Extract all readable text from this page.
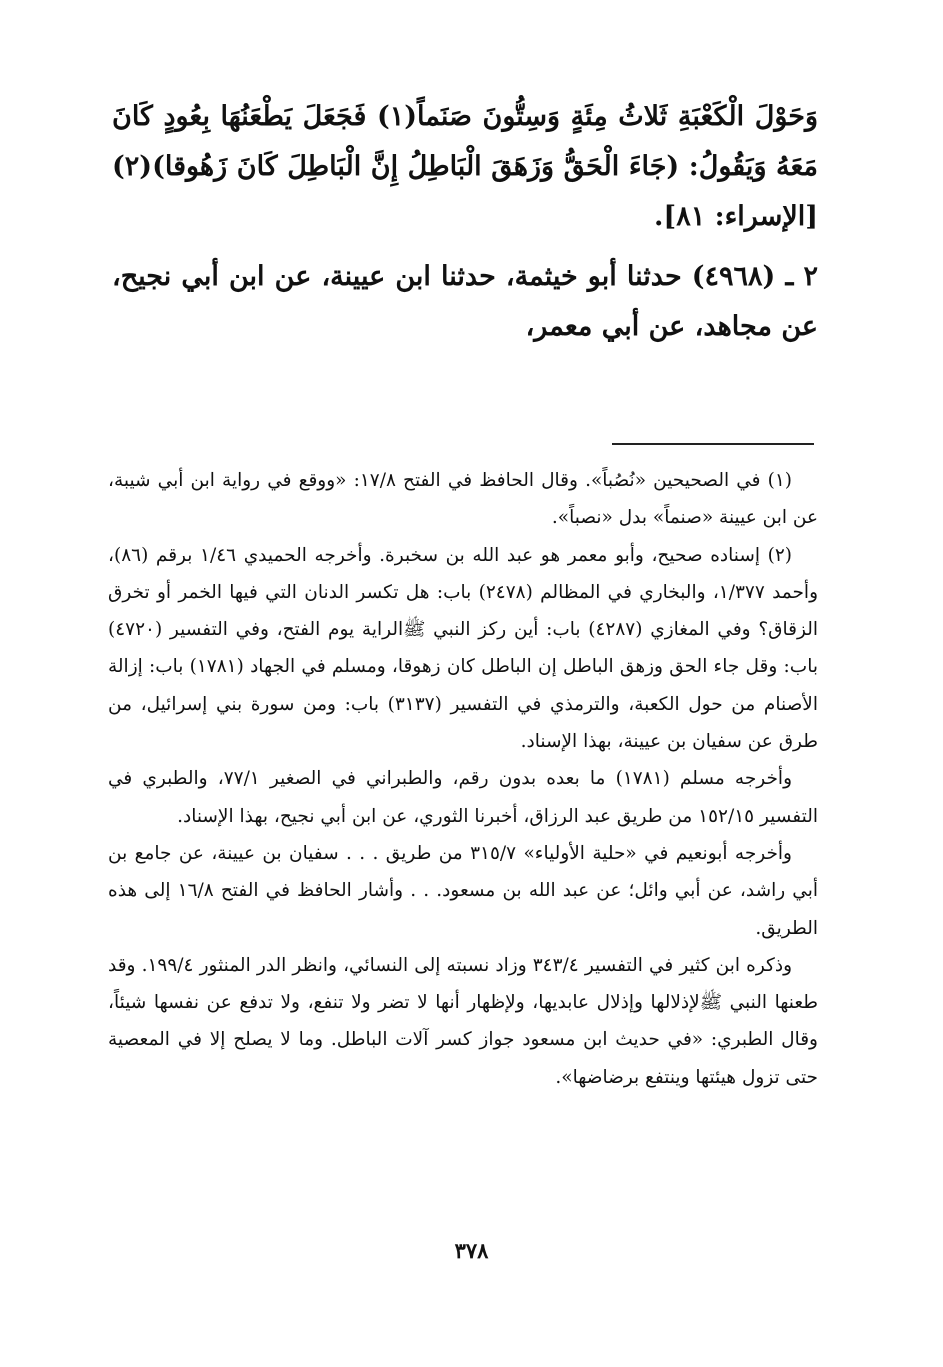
وَحَوْلَ الْكَعْبَةِ ثَلاثُ مِئَةٍ وَسِتُّونَ صَنَماً(١) فَجَعَلَ يَطْعَنُهَا بِعُودٍ كَانَ مَعَهُ وَيَقُولُ: (جَاءَ الْحَقُّ وَزَهَقَ الْبَاطِلُ إِنَّ الْبَاطِلَ كَانَ زَهُوقا)(٢) [الإسراء: ٨١].

٢ ـ (٤٩٦٨) حدثنا أبو خيثمة، حدثنا ابن عيينة، عن ابن أبي نجيح، عن مجاهد، عن أبي معمر،

(١) في الصحيحين «نُصُباً». وقال الحافظ في الفتح ١٧/٨: «ووقع في رواية ابن أبي شيبة، عن ابن عيينة «صنماً» بدل «نصباً».

(٢) إسناده صحيح، وأبو معمر هو عبد الله بن سخبرة. وأخرجه الحميدي ١/٤٦ برقم (٨٦)، وأحمد ١/٣٧٧، والبخاري في المظالم (٢٤٧٨) باب: هل تكسر الدنان التي فيها الخمر أو تخرق الزقاق؟ وفي المغازي (٤٢٨٧) باب: أين ركز النبي ﷺالراية يوم الفتح، وفي التفسير (٤٧٢٠) باب: وقل جاء الحق وزهق الباطل إن الباطل كان زهوقا، ومسلم في الجهاد (١٧٨١) باب: إزالة الأصنام من حول الكعبة، والترمذي في التفسير (٣١٣٧) باب: ومن سورة بني إسرائيل، من طرق عن سفيان بن عيينة، بهذا الإسناد.

وأخرجه مسلم (١٧٨١) ما بعده بدون رقم، والطبراني في الصغير ٧٧/١، والطبري في التفسير ١٥٢/١٥ من طريق عبد الرزاق، أخبرنا الثوري، عن ابن أبي نجيح، بهذا الإسناد.

وأخرجه أبونعيم في «حلية الأولياء» ٣١٥/٧ من طريق . . . سفيان بن عيينة، عن جامع بن أبي راشد، عن أبي وائل؛ عن عبد الله بن مسعود. . . وأشار الحافظ في الفتح ١٦/٨ إلى هذه الطريق.

وذكره ابن كثير في التفسير ٣٤٣/٤ وزاد نسبته إلى النسائي، وانظر الدر المنثور ١٩٩/٤. وقد طعنها النبي ﷺلإذلالها وإذلال عابديها، ولإظهار أنها لا تضر ولا تنفع، ولا تدفع عن نفسها شيئاً، وقال الطبري: «في حديث ابن مسعود جواز كسر آلات الباطل. وما لا يصلح إلا في المعصية حتى تزول هيئتها وينتفع برضاضها».

٣٧٨
